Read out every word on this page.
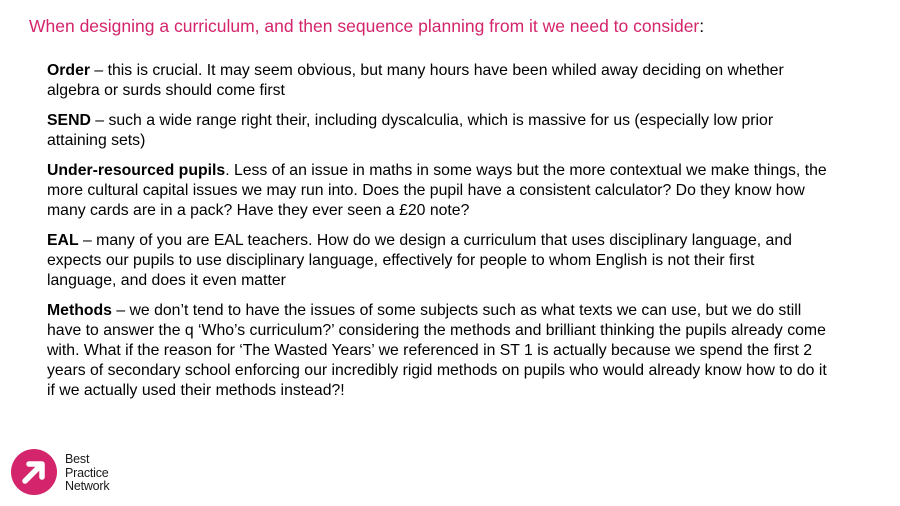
When designing a curriculum, and then sequence planning from it we need to consider:

Order – this is crucial. It may seem obvious, but many hours have been whiled away deciding on whether algebra or surds should come first

SEND – such a wide range right their, including dyscalculia, which is massive for us (especially low prior attaining sets)

Under-resourced pupils. Less of an issue in maths in some ways but the more contextual we make things, the more cultural capital issues we may run into. Does the pupil have a consistent calculator? Do they know how many cards are in a pack? Have they ever seen a £20 note?

EAL – many of you are EAL teachers. How do we design a curriculum that uses disciplinary language, and expects our pupils to use disciplinary language, effectively for people to whom English is not their first language, and does it even matter

Methods – we don’t tend to have the issues of some subjects such as what texts we can use, but we do still have to answer the q ‘Who’s curriculum?’ considering the methods and brilliant thinking the pupils already come with. What if the reason for ‘The Wasted Years’ we referenced in ST 1 is actually because we spend the first 2 years of secondary school enforcing our incredibly rigid methods on pupils who would already know how to do it if we actually used their methods instead?!

Best
Practice
Network
